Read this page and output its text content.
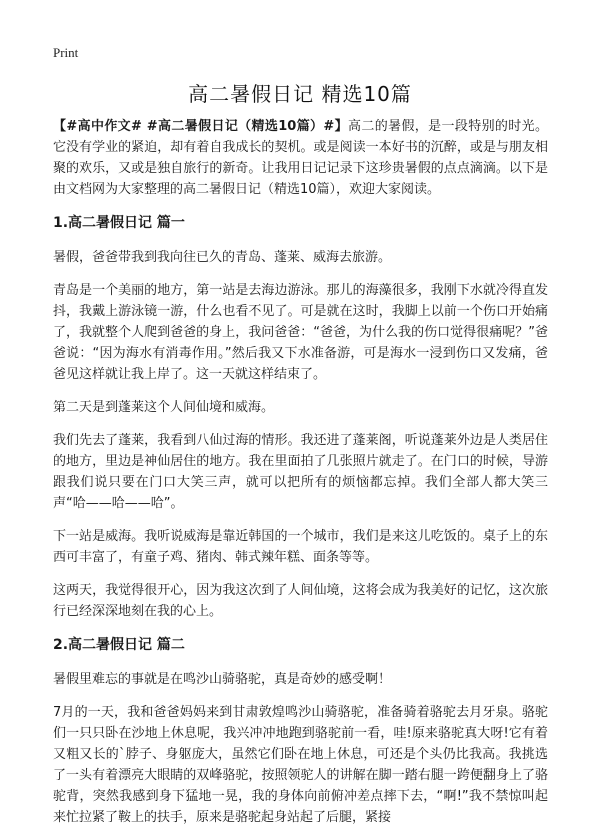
Print
高二暑假日记 精选10篇

【#高中作文# #高二暑假日记（精选10篇）#】高二的暑假，是一段特别的时光。它没有学业的紧迫，却有着自我成长的契机。或是阅读一本好书的沉醉，或是与朋友相聚的欢乐，又或是独自旅行的新奇。让我用日记记录下这珍贵暑假的点点滴滴。以下是由文档网为大家整理的高二暑假日记（精选10篇），欢迎大家阅读。

1.高二暑假日记 篇一

暑假，爸爸带我到我向往已久的青岛、蓬莱、威海去旅游。

青岛是一个美丽的地方，第一站是去海边游泳。那儿的海藻很多，我刚下水就冷得直发抖，我戴上游泳镜一游，什么也看不见了。可是就在这时，我脚上以前一个伤口开始痛了，我就整个人爬到爸爸的身上，我问爸爸：“爸爸，为什么我的伤口觉得很痛呢？”爸爸说：“因为海水有消毒作用。”然后我又下水准备游，可是海水一浸到伤口又发痛，爸爸见这样就让我上岸了。这一天就这样结束了。

第二天是到蓬莱这个人间仙境和威海。

我们先去了蓬莱，我看到八仙过海的情形。我还进了蓬莱阁，听说蓬莱外边是人类居住的地方，里边是神仙居住的地方。我在里面拍了几张照片就走了。在门口的时候，导游跟我们说只要在门口大笑三声，就可以把所有的烦恼都忘掉。我们全部人都大笑三声“哈——哈——哈”。

下一站是威海。我听说威海是靠近韩国的一个城市，我们是来这儿吃饭的。桌子上的东西可丰富了，有童子鸡、猪肉、韩式辣年糕、面条等等。

这两天，我觉得很开心，因为我这次到了人间仙境，这将会成为我美好的记忆，这次旅行已经深深地刻在我的心上。

2.高二暑假日记 篇二

暑假里难忘的事就是在鸣沙山骑骆驼，真是奇妙的感受啊！

7月的一天，我和爸爸妈妈来到甘肃敦煌鸣沙山骑骆驼，准备骑着骆驼去月牙泉。骆驼们一只只卧在沙地上休息呢，我兴冲冲地跑到骆驼前一看，哇!原来骆驼真大呀!它有着又粗又长的`脖子、身躯庞大，虽然它们卧在地上休息，可还是个头仍比我高。我挑选了一头有着漂亮大眼睛的双峰骆驼，按照领驼人的讲解在脚一踏右腿一跨便翻身上了骆驼背，突然我感到身下猛地一晃，我的身体向前俯冲差点摔下去，“啊!”我不禁惊叫起来忙拉紧了鞍上的扶手，原来是骆驼起身站起了后腿，紧接
